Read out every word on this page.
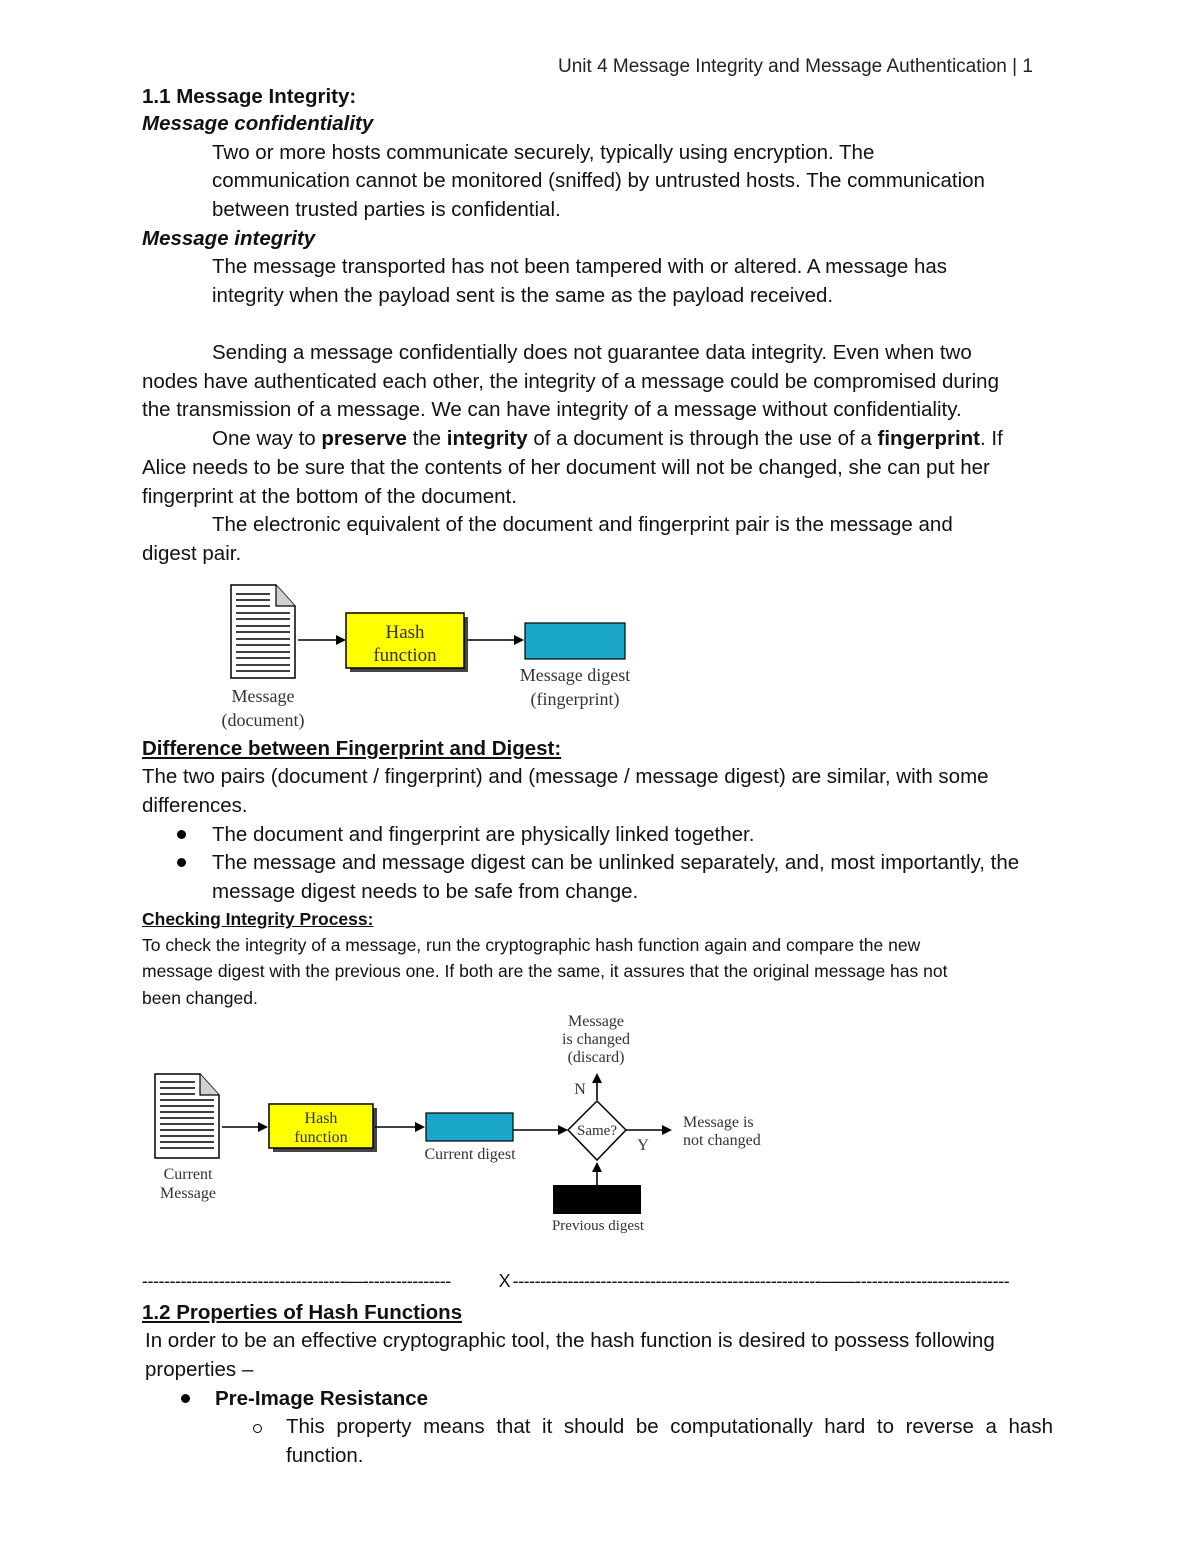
Unit 4 Message Integrity and Message Authentication | 1
1.1 Message Integrity:
Message confidentiality
Two or more hosts communicate securely, typically using encryption. The
communication cannot be monitored (sniffed) by untrusted hosts. The communication
between trusted parties is confidential.
Message integrity
The message transported has not been tampered with or altered. A message has
integrity when the payload sent is the same as the payload received.
Sending a message confidentially does not guarantee data integrity. Even when two
nodes have authenticated each other, the integrity of a message could be compromised during
the transmission of a message. We can have integrity of a message without confidentiality.
One way to preserve the integrity of a document is through the use of a fingerprint. If
Alice needs to be sure that the contents of her document will not be changed, she can put her
fingerprint at the bottom of the document.
The electronic equivalent of the document and fingerprint pair is the message and
digest pair.
Hash
function
Message digest
(fingerprint)
Message
(document)
Difference between Fingerprint and Digest:
The two pairs (document / fingerprint) and (message / message digest) are similar, with some
differences.
The document and fingerprint are physically linked together.
The message and message digest can be unlinked separately, and, most importantly, the
message digest needs to be safe from change.
Checking Integrity Process:
To check the integrity of a message, run the cryptographic hash function again and compare the new
message digest with the previous one. If both are the same, it assures that the original message has not
been changed.
Message
is changed
(discard)
N
Hash
function
Current digest
Same?
Y
Message is
not changed
Previous digest
Current
Message
-------------------------------------—----------------	X --------------------------------------------------------——----------------------------
1.2 Properties of Hash Functions
In order to be an effective cryptographic tool, the hash function is desired to possess following
properties –
Pre-Image Resistance
This property means that it should be computationally hard to reverse a hash
function.
